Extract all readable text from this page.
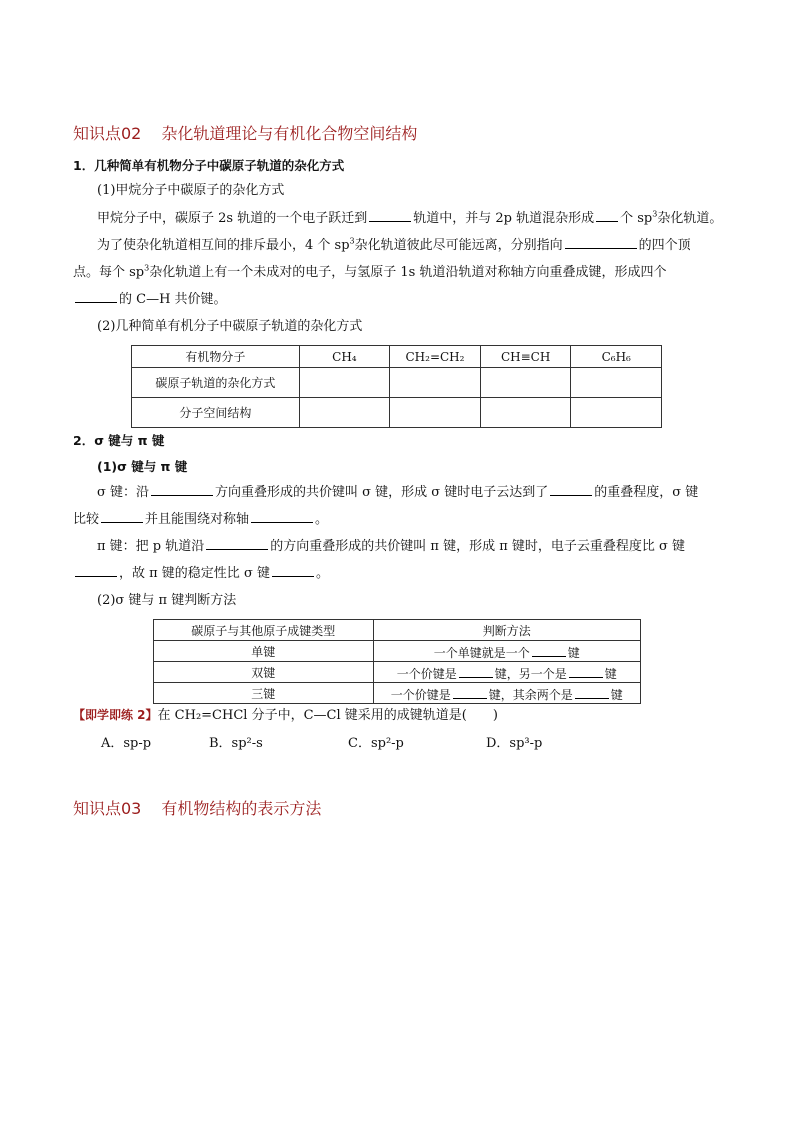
知识点02 杂化轨道理论与有机化合物空间结构
1．几种简单有机物分子中碳原子轨道的杂化方式
(1)甲烷分子中碳原子的杂化方式
甲烷分子中，碳原子 2s 轨道的一个电子跃迁到	轨道中，并与 2p 轨道混杂形成 个 $sp^3$杂化轨道。
为了使杂化轨道相互间的排斥最小，4 个 $sp^3$杂化轨道彼此尽可能远离，分别指向	的四个顶
点。每个 $sp^3$杂化轨道上有一个未成对的电子，与氢原子 1s 轨道沿轨道对称轴方向重叠成键，形成四个
的 C—H 共价键。
(2)几种简单有机分子中碳原子轨道的杂化方式
有机物分子	CH₄	CH₂=CH₂	CH≡CH	C₆H₆
碳原子轨道的杂化方式				
分子空间结构				
2．σ 键与 π 键
(1)σ 键与 π 键
σ 键：沿	方向重叠形成的共价键叫 σ 键，形成 σ 键时电子云达到了	的重叠程度，σ 键
比较	并且能围绕对称轴	。
π 键：把 p 轨道沿	的方向重叠形成的共价键叫 π 键，形成 π 键时，电子云重叠程度比 σ 键
，故 π 键的稳定性比 σ 键	。
(2)σ 键与 π 键判断方法
碳原子与其他原子成键类型	判断方法
单键	一个单键就是一个 键
双键	一个价键是 键，另一个是 键
三键	一个价键是 键，其余两个是 键
【即学即练 2】在 CH₂=CHCl 分子中，C—Cl 键采用的成键轨道是(　　)
A．sp-p	B．sp²-s	C．sp²-p	D．sp³-p
知识点03 有机物结构的表示方法
